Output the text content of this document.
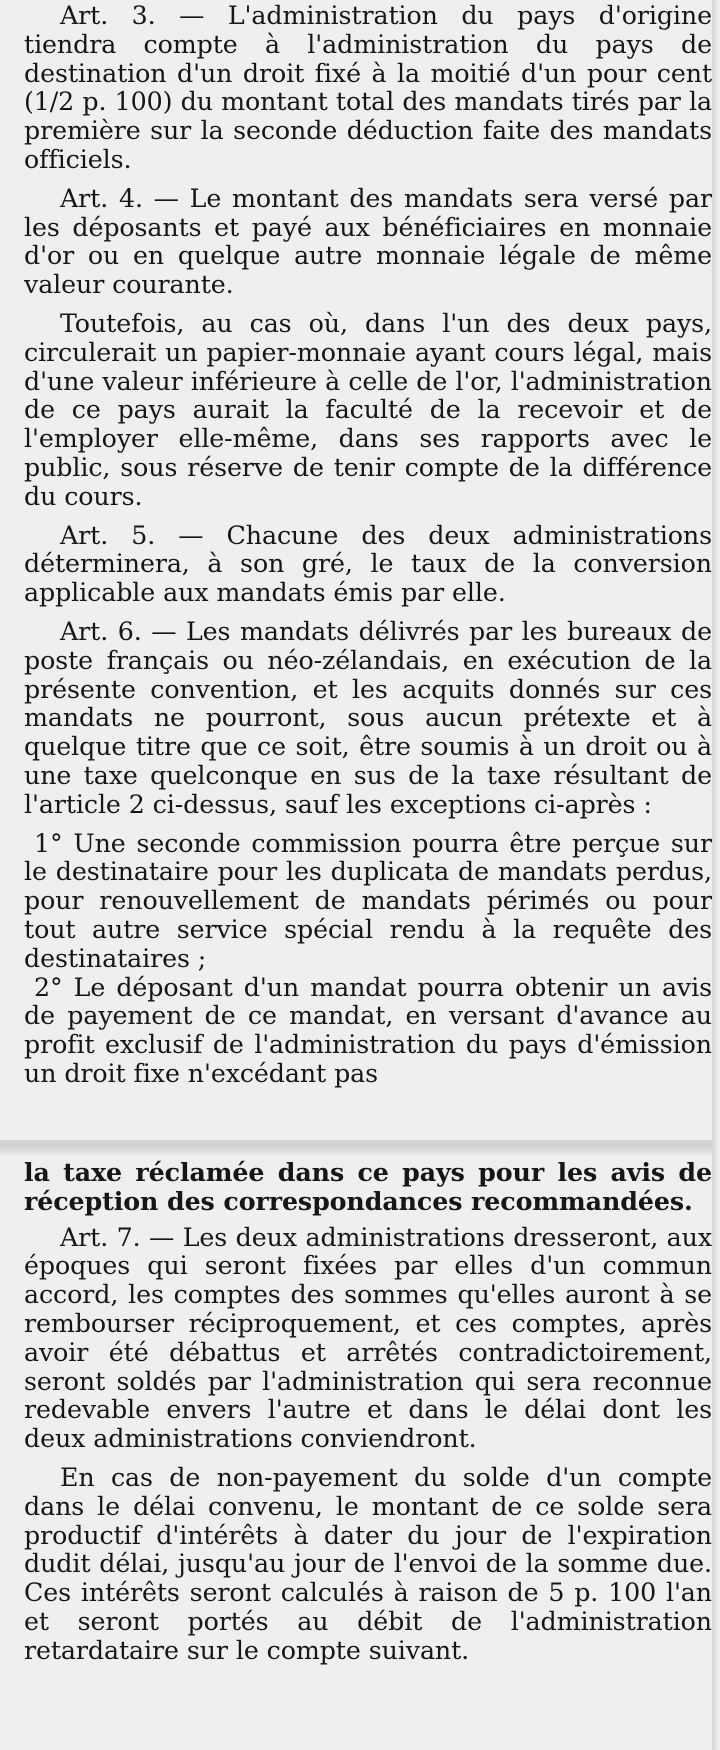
Art. 3. — L'administration du pays d'origine tiendra compte à l'administration du pays de destination d'un droit fixé à la moitié d'un pour cent (1/2 p. 100) du montant total des mandats tirés par la première sur la seconde déduction faite des mandats officiels.

Art. 4. — Le montant des mandats sera versé par les déposants et payé aux bénéficiaires en monnaie d'or ou en quelque autre monnaie légale de même valeur courante.

Toutefois, au cas où, dans l'un des deux pays, circulerait un papier-monnaie ayant cours légal, mais d'une valeur inférieure à celle de l'or, l'administration de ce pays aurait la faculté de la recevoir et de l'employer elle-même, dans ses rapports avec le public, sous réserve de tenir compte de la différence du cours.

Art. 5. — Chacune des deux administrations déterminera, à son gré, le taux de la conversion applicable aux mandats émis par elle.

Art. 6. — Les mandats délivrés par les bureaux de poste français ou néo-zélandais, en exécution de la présente convention, et les acquits donnés sur ces mandats ne pourront, sous aucun prétexte et à quelque titre que ce soit, être soumis à un droit ou à une taxe quelconque en sus de la taxe résultant de l'article 2 ci-dessus, sauf les exceptions ci-après :

1° Une seconde commission pourra être perçue sur le destinataire pour les duplicata de mandats perdus, pour renouvellement de mandats périmés ou pour tout autre service spécial rendu à la requête des destinataires ;

2° Le déposant d'un mandat pourra obtenir un avis de payement de ce mandat, en versant d'avance au profit exclusif de l'administration du pays d'émission un droit fixe n'excédant pas

la taxe réclamée dans ce pays pour les avis de réception des correspondances recommandées.

Art. 7. — Les deux administrations dresseront, aux époques qui seront fixées par elles d'un commun accord, les comptes des sommes qu'elles auront à se rembourser réciproquement, et ces comptes, après avoir été débattus et arrêtés contradictoirement, seront soldés par l'administration qui sera reconnue redevable envers l'autre et dans le délai dont les deux administrations conviendront.

En cas de non-payement du solde d'un compte dans le délai convenu, le montant de ce solde sera productif d'intérêts à dater du jour de l'expiration dudit délai, jusqu'au jour de l'envoi de la somme due. Ces intérêts seront calculés à raison de 5 p. 100 l'an et seront portés au débit de l'administration retardataire sur le compte suivant.
